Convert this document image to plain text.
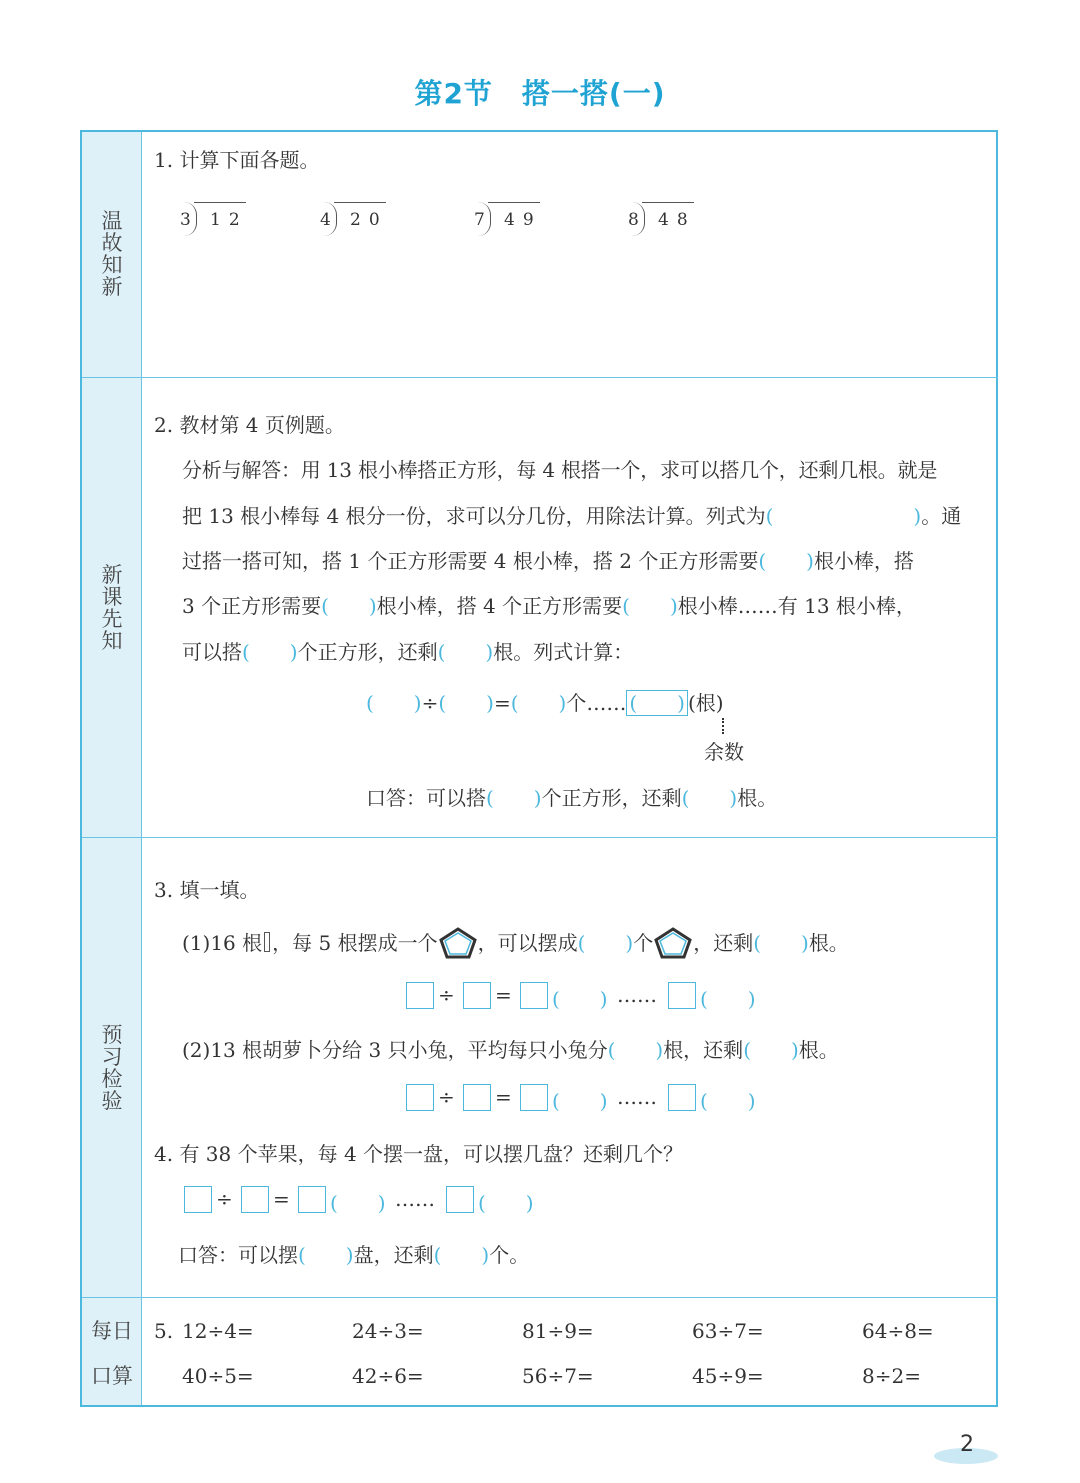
第2节　搭一搭(一)
温故知新
新课先知
预习检验
每日
口算
1. 计算下面各题。
3 12	4 20	7 49	8 48
2. 教材第 4 页例题。
分析与解答：用 13 根小棒搭正方形，每 4 根搭一个，求可以搭几个，还剩几根。就是
把 13 根小棒每 4 根分一份，求可以分几份，用除法计算。列式为(　　　　　　　)。通
过搭一搭可知，搭 1 个正方形需要 4 根小棒，搭 2 个正方形需要(　　)根小棒，搭
3 个正方形需要(　　)根小棒，搭 4 个正方形需要(　　)根小棒……有 13 根小棒，
可以搭(　　)个正方形，还剩(　　)根。列式计算：
(　　)÷(　　)=(　　)个…… (　　) (根)
余数
口答：可以搭(　　)个正方形，还剩(　　)根。
3. 填一填。
(1)16 根 ，每 5 根摆成一个 ，可以摆成(　　)个 ，还剩(　　)根。
÷ = (　　) …… (　　)
(2)13 根胡萝卜分给 3 只小兔，平均每只小兔分(　　)根，还剩(　　)根。
÷ = (　　) …… (　　)
4. 有 38 个苹果，每 4 个摆一盘，可以摆几盘？还剩几个？
÷ = (　　) …… (　　)
口答：可以摆(　　)盘，还剩(　　)个。
5. 12÷4=	24÷3=	81÷9=	63÷7=	64÷8=
40÷5=	42÷6=	56÷7=	45÷9=	8÷2=
2
